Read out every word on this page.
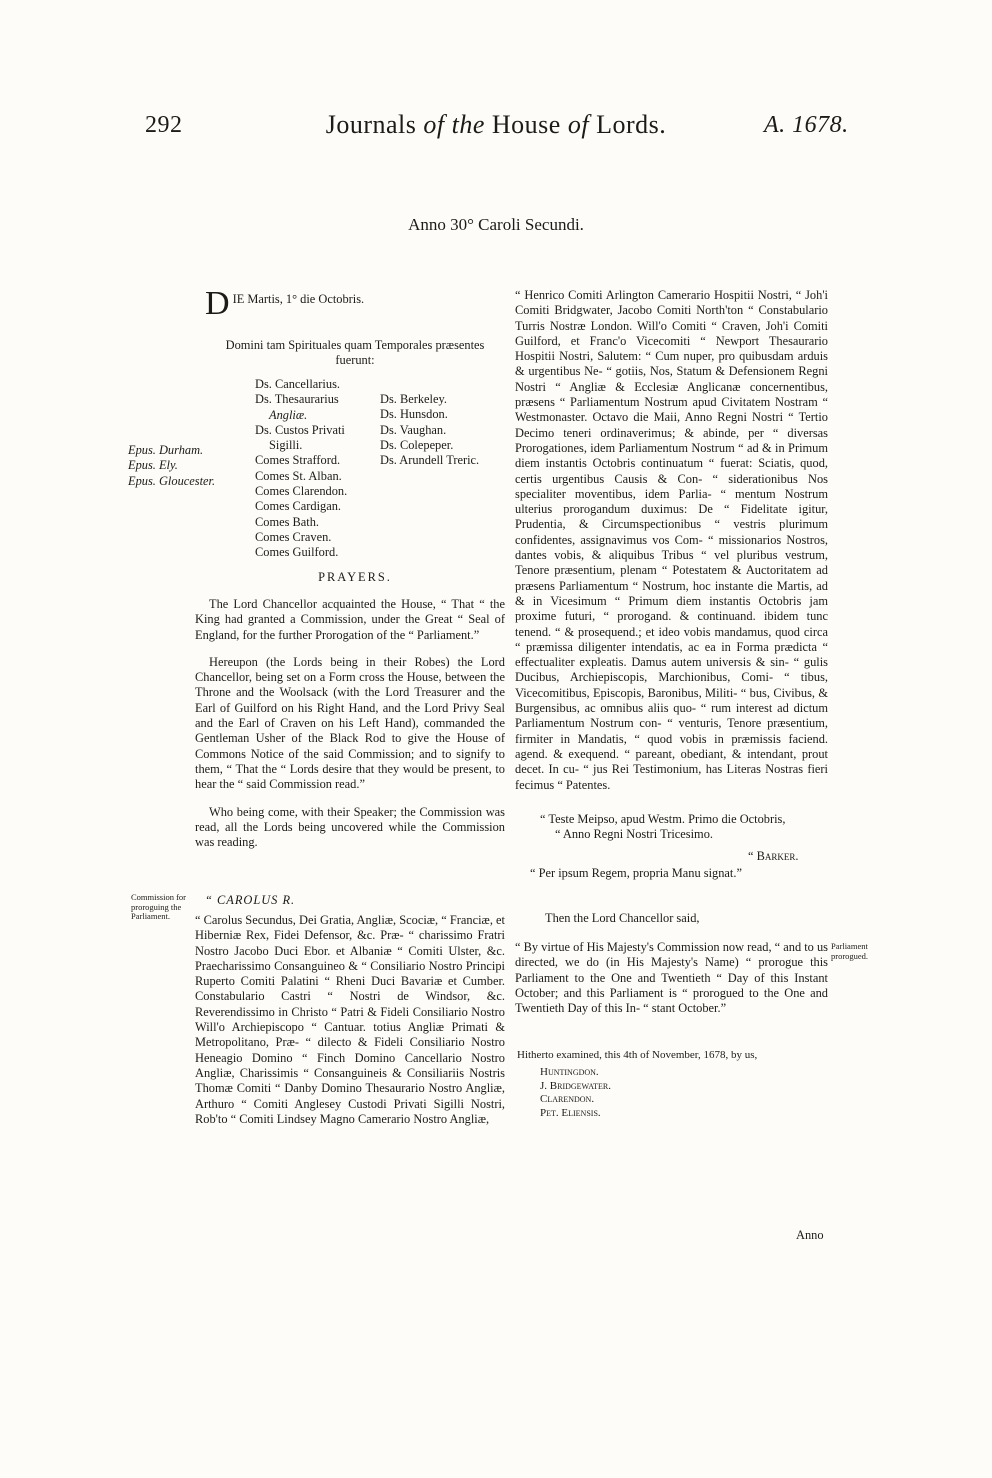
292	Journals of the House of Lords.	A. 1678.
Anno 30° Caroli Secundi.
D IE Martis, 1° die Octobris.
Domini tam Spirituales quam Temporales præsentes fuerunt:
Epus. Durham.
Epus. Ely.
Epus. Gloucester.
Ds. Cancellarius.
Ds. Thesaurarius
Angliæ.
Ds. Custos Privati
Sigilli.
Comes Strafford.
Comes St. Alban.
Comes Clarendon.
Comes Cardigan.
Comes Bath.
Comes Craven.
Comes Guilford.
Ds. Berkeley.
Ds. Hunsdon.
Ds. Vaughan.
Ds. Colepeper.
Ds. Arundell Treric.
PRAYERS.

The Lord Chancellor acquainted the House, “ That “ the King had granted a Commission, under the Great “ Seal of England, for the further Prorogation of the “ Parliament.”

Hereupon (the Lords being in their Robes) the Lord Chancellor, being set on a Form cross the House, between the Throne and the Woolsack (with the Lord Treasurer and the Earl of Guilford on his Right Hand, and the Lord Privy Seal and the Earl of Craven on his Left Hand), commanded the Gentleman Usher of the Black Rod to give the House of Commons Notice of the said Commission; and to signify to them, “ That the “ Lords desire that they would be present, to hear the “ said Commission read.”

Who being come, with their Speaker; the Commission was read, all the Lords being uncovered while the Commission was reading.

Commission for proroguing the Parliament.
“ CAROLUS R.
“ Carolus Secundus, Dei Gratia, Angliæ, Scociæ, “ Franciæ, et Hiberniæ Rex, Fidei Defensor, &c. Præ- “ charissimo Fratri Nostro Jacobo Duci Ebor. et Albaniæ “ Comiti Ulster, &c. Praecharissimo Consanguineo & “ Consiliario Nostro Principi Ruperto Comiti Palatini “ Rheni Duci Bavariæ et Cumber. Constabulario Castri “ Nostri de Windsor, &c. Reverendissimo in Christo “ Patri & Fideli Consiliario Nostro Will'o Archiepiscopo “ Cantuar. totius Angliæ Primati & Metropolitano, Præ- “ dilecto & Fideli Consiliario Nostro Heneagio Domino “ Finch Domino Cancellario Nostro Angliæ, Charissimis “ Consanguineis & Consiliariis Nostris Thomæ Comiti “ Danby Domino Thesaurario Nostro Angliæ, Arthuro “ Comiti Anglesey Custodi Privati Sigilli Nostri, Rob'to “ Comiti Lindsey Magno Camerario Nostro Angliæ,
“ Henrico Comiti Arlington Camerario Hospitii Nostri, “ Joh'i Comiti Bridgwater, Jacobo Comiti North'ton “ Constabulario Turris Nostræ London. Will'o Comiti “ Craven, Joh'i Comiti Guilford, et Franc'o Vicecomiti “ Newport Thesaurario Hospitii Nostri, Salutem: “ Cum nuper, pro quibusdam arduis & urgentibus Ne- “ gotiis, Nos, Statum & Defensionem Regni Nostri “ Angliæ & Ecclesiæ Anglicanæ concernentibus, præsens “ Parliamentum Nostrum apud Civitatem Nostram “ Westmonaster. Octavo die Maii, Anno Regni Nostri “ Tertio Decimo teneri ordinaverimus; & abinde, per “ diversas Prorogationes, idem Parliamentum Nostrum “ ad & in Primum diem instantis Octobris continuatum “ fuerat: Sciatis, quod, certis urgentibus Causis & Con- “ siderationibus Nos specialiter moventibus, idem Parlia- “ mentum Nostrum ulterius prorogandum duximus: De “ Fidelitate igitur, Prudentia, & Circumspectionibus “ vestris plurimum confidentes, assignavimus vos Com- “ missionarios Nostros, dantes vobis, & aliquibus Tribus “ vel pluribus vestrum, Tenore præsentium, plenam “ Potestatem & Auctoritatem ad præsens Parliamentum “ Nostrum, hoc instante die Martis, ad & in Vicesimum “ Primum diem instantis Octobris jam proxime futuri, “ prorogand. & continuand. ibidem tunc tenend. “ & prosequend.; et ideo vobis mandamus, quod circa “ præmissa diligenter intendatis, ac ea in Forma prædicta “ effectualiter expleatis. Damus autem universis & sin- “ gulis Ducibus, Archiepiscopis, Marchionibus, Comi- “ tibus, Vicecomitibus, Episcopis, Baronibus, Militi- “ bus, Civibus, & Burgensibus, ac omnibus aliis quo- “ rum interest ad dictum Parliamentum Nostrum con- “ venturis, Tenore præsentium, firmiter in Mandatis, “ quod vobis in præmissis faciend. agend. & exequend. “ pareant, obediant, & intendant, prout decet. In cu- “ jus Rei Testimonium, has Literas Nostras fieri fecimus “ Patentes.
“ Teste Meipso, apud Westm. Primo die Octobris,
“ Anno Regni Nostri Tricesimo.
“ Barker.
“ Per ipsum Regem, propria Manu signat.”
Then the Lord Chancellor said,
“ By virtue of His Majesty's Commission now read, “ and to us directed, we do (in His Majesty's Name) “ prorogue this Parliament to the One and Twentieth “ Day of this Instant October; and this Parliament is “ prorogued to the One and Twentieth Day of this In- “ stant October.”
Parliament prorogued.
Hitherto examined, this 4th of November, 1678, by us,
Huntingdon.
J. Bridgewater.
Clarendon.
Pet. Eliensis.
Anno
